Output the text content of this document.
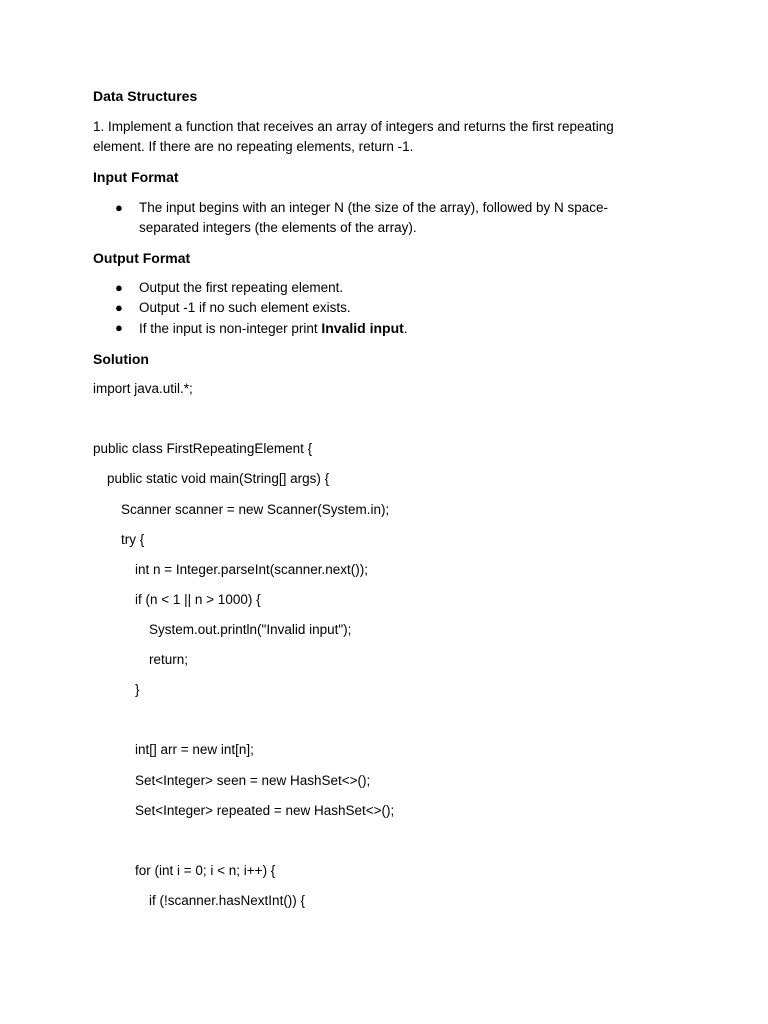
Data Structures
1. Implement a function that receives an array of integers and returns the first repeating element. If there are no repeating elements, return -1.
Input Format
● The input begins with an integer N (the size of the array), followed by N space-separated integers (the elements of the array).
Output Format
● Output the first repeating element.
● Output -1 if no such element exists.
● If the input is non-integer print Invalid input.
Solution
import java.util.*;
public class FirstRepeatingElement {
public static void main(String[] args) {
Scanner scanner = new Scanner(System.in);
try {
int n = Integer.parseInt(scanner.next());
if (n < 1 || n > 1000) {
System.out.println("Invalid input");
return;
}
int[] arr = new int[n];
Set<Integer> seen = new HashSet<>();
Set<Integer> repeated = new HashSet<>();
for (int i = 0; i < n; i++) {
if (!scanner.hasNextInt()) {
